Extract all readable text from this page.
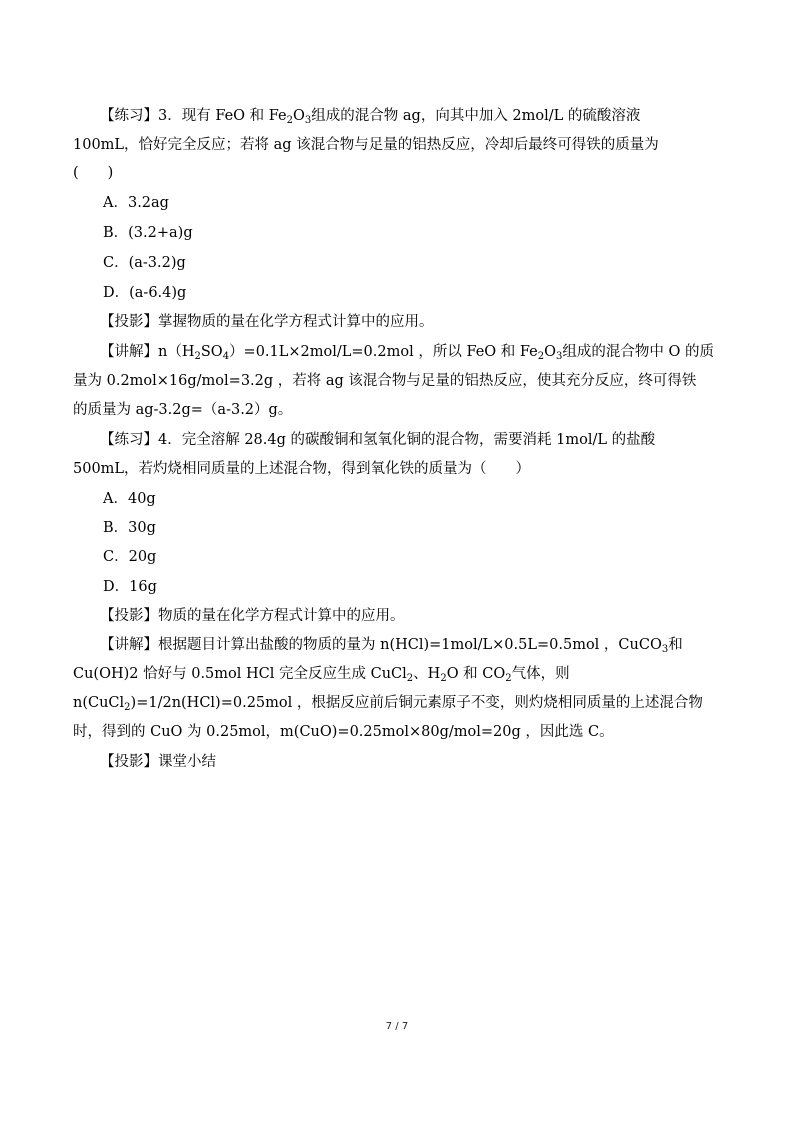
【练习】3．现有 FeO 和 $Fe_2O_3$组成的混合物 ag，向其中加入 2mol/L 的硫酸溶液
100mL，恰好完全反应；若将 ag 该混合物与足量的铝热反应，冷却后最终可得铁的质量为
(　　)
A．3.2ag
B．(3.2+a)g
C．(a-3.2)g
D．(a-6.4)g
【投影】掌握物质的量在化学方程式计算中的应用。
【讲解】$n(H_2SO_4)=0.1L\times 2mol/L=0.2mol$ ，所以 FeO 和 $Fe_2O_3$组成的混合物中 O 的质
量为 0.2mol×16g/mol=3.2g ，若将 ag 该混合物与足量的铝热反应，使其充分反应，终可得铁
的质量为 ag-3.2g=（a-3.2）g。
【练习】4．完全溶解 28.4g 的碳酸铜和氢氧化铜的混合物，需要消耗 1mol/L 的盐酸
500mL，若灼烧相同质量的上述混合物，得到氧化铁的质量为（　　）
A．40g
B．30g
C．20g
D．16g
【投影】物质的量在化学方程式计算中的应用。
【讲解】根据题目计算出盐酸的物质的量为 n(HCl)=1mol/L×0.5L=0.5mol ，CuCO$_3$和
Cu(OH)2 恰好与 0.5mol HCl 完全反应生成 CuCl$_2$、$H_2O$ 和 $CO_2$气体，则
n(CuCl$_2$)=1/2n(HCl)=0.25mol ，根据反应前后铜元素原子不变，则灼烧相同质量的上述混合物
时，得到的 CuO 为 0.25mol，m(CuO)=0.25mol×80g/mol=20g ，因此选 C。
【投影】课堂小结
7 / 7
